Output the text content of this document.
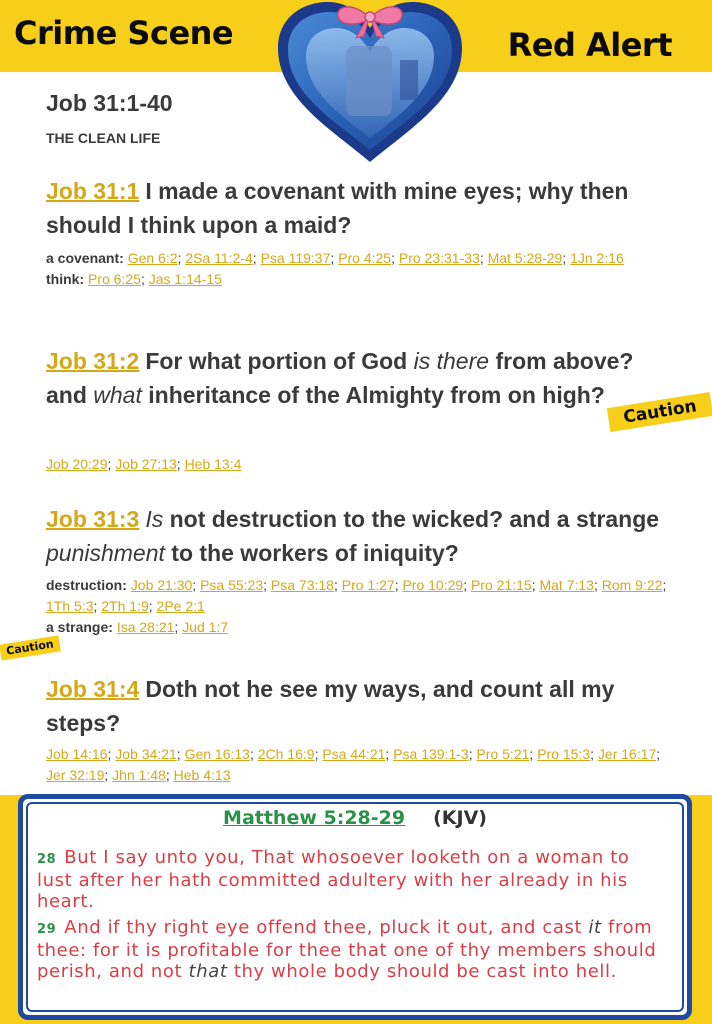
Crime Scene	Red Alert
Job 31:1-40
THE CLEAN LIFE
Job 31:1 I made a covenant with mine eyes; why then should I think upon a maid?
a covenant: Gen 6:2; 2Sa 11:2-4; Psa 119:37; Pro 4:25; Pro 23:31-33; Mat 5:28-29; 1Jn 2:16
think: Pro 6:25; Jas 1:14-15
Job 31:2 For what portion of God is there from above? and what inheritance of the Almighty from on high?
Job 20:29; Job 27:13; Heb 13:4
Job 31:3 Is not destruction to the wicked? and a strange punishment to the workers of iniquity?
destruction: Job 21:30; Psa 55:23; Psa 73:18; Pro 1:27; Pro 10:29; Pro 21:15; Mat 7:13; Rom 9:22; 1Th 5:3; 2Th 1:9; 2Pe 2:1
a strange: Isa 28:21; Jud 1:7
Job 31:4 Doth not he see my ways, and count all my steps?
Job 14:16; Job 34:21; Gen 16:13; 2Ch 16:9; Psa 44:21; Psa 139:1-3; Pro 5:21; Pro 15:3; Jer 16:17; Jer 32:19; Jhn 1:48; Heb 4:13
Caution
Caution
Matthew 5:28-29 (KJV)
28 But I say unto you, That whosoever looketh on a woman to lust after her hath committed adultery with her already in his heart.
29 And if thy right eye offend thee, pluck it out, and cast it from thee: for it is profitable for thee that one of thy members should perish, and not that thy whole body should be cast into hell.
